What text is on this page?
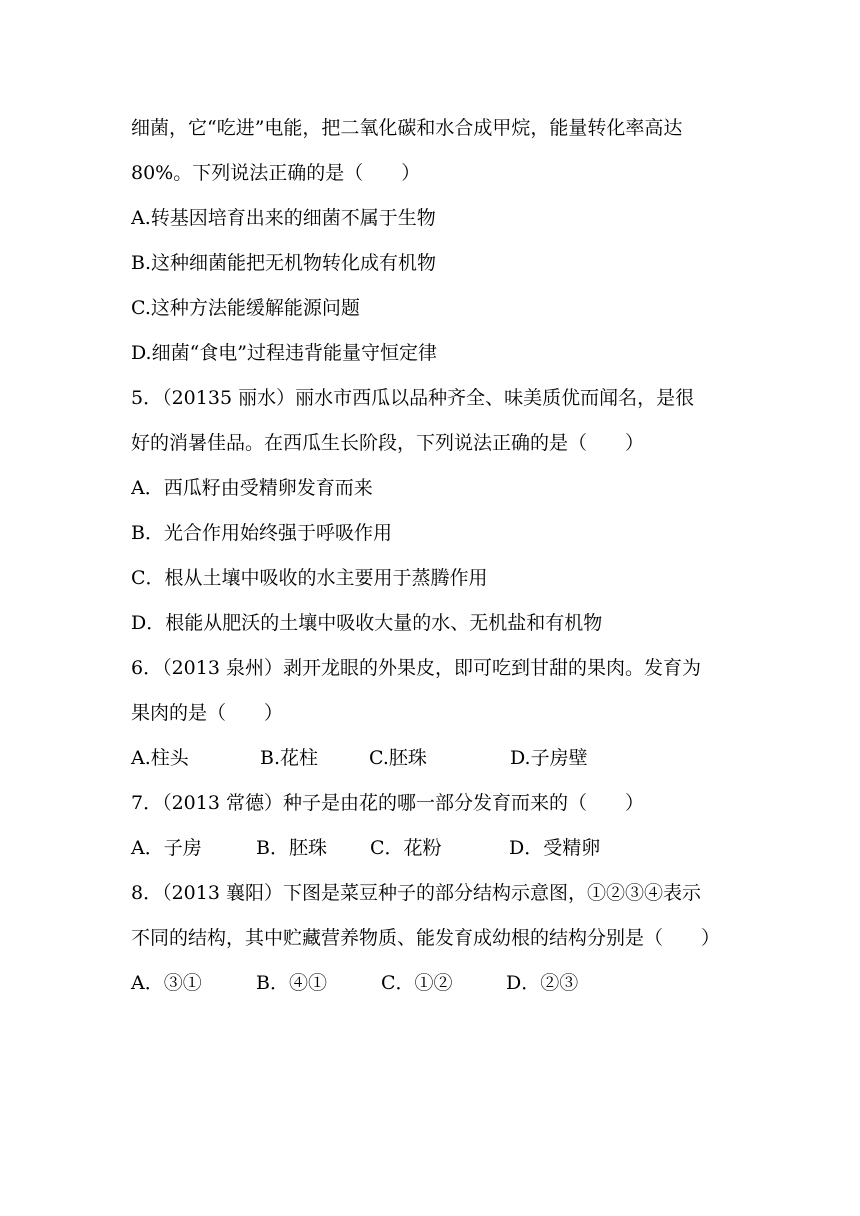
细菌，它“吃进”电能，把二氧化碳和水合成甲烷，能量转化率高达
80%。下列说法正确的是（　　）
A.转基因培育出来的细菌不属于生物
B.这种细菌能把无机物转化成有机物
C.这种方法能缓解能源问题
D.细菌“食电”过程违背能量守恒定律
5．（20135 丽水）丽水市西瓜以品种齐全、味美质优而闻名，是很
好的消暑佳品。在西瓜生长阶段，下列说法正确的是（　　）
A．西瓜籽由受精卵发育而来
B．光合作用始终强于呼吸作用
C．根从土壤中吸收的水主要用于蒸腾作用
D．根能从肥沃的土壤中吸收大量的水、无机盐和有机物
6．（2013 泉州）剥开龙眼的外果皮，即可吃到甘甜的果肉。发育为
果肉的是（　　）
A.柱头	B.花柱	C.胚珠	D.子房壁
7．（2013 常德）种子是由花的哪一部分发育而来的（　　）
A．子房	B．胚珠 C．花粉	D．受精卵
8．（2013 襄阳）下图是菜豆种子的部分结构示意图，①②③④表示
不同的结构，其中贮藏营养物质、能发育成幼根的结构分别是（　　）
A．③①	B．④①	C．①②	D．②③
